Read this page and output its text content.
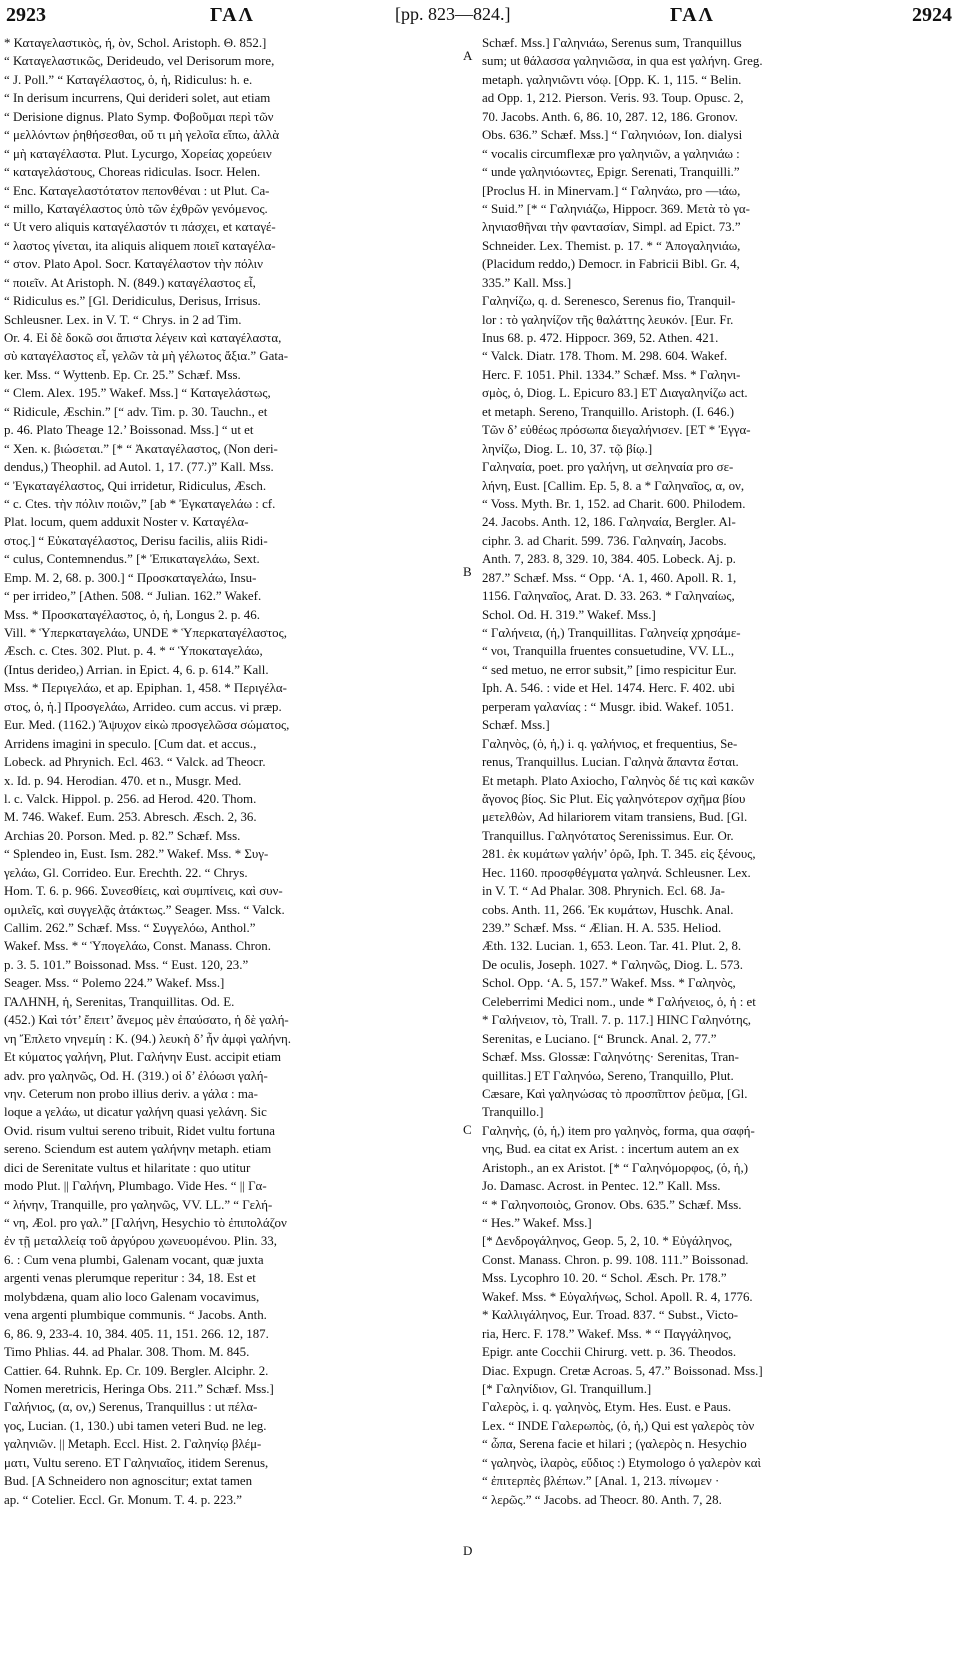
2923	ΓΑΛ	[pp. 823—824.]	ΓΑΛ	2924
* Καταγελαστικὸς, ή, ὸν, Schol. Aristoph. Θ. 852.]
“ Καταγελαστικῶς, Derideudo, vel Derisorum more,
“ J. Poll.” “ Καταγέλαστος, ὁ, ἡ, Ridiculus: h. e.
“ In derisum incurrens, Qui derideri solet, aut etiam
“ Derisione dignus. Plato Symp. Φοβοῦμαι περὶ τῶν
“ μελλόντων ῥηθήσεσθαι, οὔ τι μὴ γελοῖα εἴπω, ἀλλὰ
“ μὴ καταγέλαστα. Plut. Lycurgo, Χορείας χορεύειν
“ καταγελάστους, Choreas ridiculas. Isocr. Helen.
“ Enc. Καταγελαστότατον πεπονθέναι : ut Plut. Ca-
“ millo, Καταγέλαστος ὑπὸ τῶν ἐχθρῶν γενόμενος.
“ Ut vero aliquis καταγέλαστόν τι πάσχει, et καταγέ-
“ λαστος γίνεται, ita aliquis aliquem ποιεῖ καταγέλα-
“ στον. Plato Apol. Socr. Καταγέλαστον τὴν πόλιν
“ ποιεῖν. At Aristoph. N. (849.) καταγέλαστος εἶ,
“ Ridiculus es.” [Gl. Deridiculus, Derisus, Irrisus.
Schleusner. Lex. in V. T. “ Chrys. in 2 ad Tim.
Or. 4. Εἰ δὲ δοκῶ σοι ἄπιστα λέγειν καὶ καταγέλαστα,
σὺ καταγέλαστος εἶ, γελῶν τὰ μὴ γέλωτος ἄξια.” Gata-
ker. Mss. “ Wyttenb. Ep. Cr. 25.” Schæf. Mss.
“ Clem. Alex. 195.” Wakef. Mss.] “ Καταγελάστως,
“ Ridicule, Æschin.” [“ adv. Tim. p. 30. Tauchn., et
p. 46. Plato Theage 12.’ Boissonad. Mss.] “ ut et
“ Xen. κ. βιώσεται.” [* “ Ἀκαταγέλαστος, (Non deri-
dendus,) Theophil. ad Autol. 1, 17. (77.)” Kall. Mss.
“ Ἐγκαταγέλαστος, Qui irridetur, Ridiculus, Æsch.
“ c. Ctes. τὴν πόλιν ποιῶν,” [ab * Ἐγκαταγελάω : cf.
Plat. locum, quem adduxit Noster v. Καταγέλα-
στος.] “ Εὐκαταγέλαστος, Derisu facilis, aliis Ridi-
“ culus, Contemnendus.” [* Ἐπικαταγελάω, Sext.
Emp. M. 2, 68. p. 300.] “ Προσκαταγελάω, Insu-
“ per irrideo,” [Athen. 508. “ Julian. 162.” Wakef.
Mss. * Προσκαταγέλαστος, ὁ, ἡ, Longus 2. p. 46.
Vill. * Ὑπερκαταγελάω, UNDE * Ὑπερκαταγέλαστος,
Æsch. c. Ctes. 302. Plut. p. 4. * “ Ὑποκαταγελάω,
(Intus derideo,) Arrian. in Epict. 4, 6. p. 614.” Kall.
Mss. * Περιγελάω, et ap. Epiphan. 1, 458. * Περιγέλα-
στος, ὁ, ἡ.] Προσγελάω, Arrideo. cum accus. vi præp.
Eur. Med. (1162.) Ἄψυχον εἰκὼ προσγελῶσα σώματος,
Arridens imagini in speculo. [Cum dat. et accus.,
Lobeck. ad Phrynich. Ecl. 463. “ Valck. ad Theocr.
x. Id. p. 94. Herodian. 470. et n., Musgr. Med.
l. c. Valck. Hippol. p. 256. ad Herod. 420. Thom.
M. 746. Wakef. Eum. 253. Abresch. Æsch. 2, 36.
Archias 20. Porson. Med. p. 82.” Schæf. Mss.
“ Splendeo in, Eust. Ism. 282.” Wakef. Mss. * Συγ-
γελάω, Gl. Corrideo. Eur. Erechth. 22. “ Chrys.
Hom. T. 6. p. 966. Συνεσθίεις, καὶ συμπίνεις, καὶ συν-
ομιλεῖς, καὶ συγγελᾷς ἀτάκτως.” Seager. Mss. “ Valck.
Callim. 262.” Schæf. Mss. “ Συγγελόω, Anthol.”
Wakef. Mss. * “ Ὑπογελάω, Const. Manass. Chron.
p. 3. 5. 101.” Boissonad. Mss. “ Eust. 120, 23.”
Seager. Mss. “ Polemo 224.” Wakef. Mss.]
ΓΑΛΗΝΗ, ἡ, Serenitas, Tranquillitas. Od. E.
(452.) Καὶ τότ’ ἔπειτ’ ἄνεμος μὲν ἐπαύσατο, ἡ δὲ γαλή-
νη Ἔπλετο νηνεμίη : K. (94.) λευκὴ δ’ ἦν ἀμφὶ γαλήνη.
Et κύματος γαλήνη, Plut. Γαλήνην Eust. accipit etiam
adv. pro γαληνῶς, Od. H. (319.) οἱ δ’ ἐλόωσι γαλή-
νην. Ceterum non probo illius deriv. a γάλα : ma-
loque a γελάω, ut dicatur γαλήνη quasi γελάνη. Sic
Ovid. risum vultui sereno tribuit, Ridet vultu fortuna
sereno. Sciendum est autem γαλήνην metaph. etiam
dici de Serenitate vultus et hilaritate : quo utitur
modo Plut. || Γαλήνη, Plumbago. Vide Hes. “ || Γα-
“ λήνην, Tranquille, pro γαληνῶς, VV. LL.” “ Γελή-
“ νη, Æol. pro γαλ.” [Γαλήνη, Hesychio τὸ ἐπιπολάζον
ἐν τῇ μεταλλείᾳ τοῦ ἀργύρου χωνευομένου. Plin. 33,
6. : Cum vena plumbi, Galenam vocant, quæ juxta
argenti venas plerumque reperitur : 34, 18. Est et
molybdæna, quam alio loco Galenam vocavimus,
vena argenti plumbique communis. “ Jacobs. Anth.
6, 86. 9, 233-4. 10, 384. 405. 11, 151. 266. 12, 187.
Timo Phlias. 44. ad Phalar. 308. Thom. M. 845.
Cattier. 64. Ruhnk. Ep. Cr. 109. Bergler. Alciphr. 2.
Nomen meretricis, Heringa Obs. 211.” Schæf. Mss.]
Γαλήνιος, (α, ον,) Serenus, Tranquillus : ut πέλα-
γος, Lucian. (1, 130.) ubi tamen veteri Bud. ne leg.
γαληνιῶν. || Metaph. Eccl. Hist. 2. Γαληνίῳ βλέμ-
ματι, Vultu sereno. ET Γαληνιαῖος, itidem Serenus,
Bud. [A Schneidero non agnoscitur; extat tamen
ap. “ Cotelier. Eccl. Gr. Monum. T. 4. p. 223.”
Schæf. Mss.] Γαληνιάω, Serenus sum, Tranquillus
sum; ut θάλασσα γαληνιῶσα, in qua est γαλήνη. Greg.
metaph. γαληνιῶντι νόῳ. [Opp. K. 1, 115. “ Belin.
ad Opp. 1, 212. Pierson. Veris. 93. Toup. Opusc. 2,
70. Jacobs. Anth. 6, 86. 10, 287. 12, 186. Gronov.
Obs. 636.” Schæf. Mss.] “ Γαληνιόων, Ion. dialysi
“ vocalis circumflexæ pro γαληνιῶν, a γαληνιάω :
“ unde γαληνιόωντες, Epigr. Serenati, Tranquilli.”
[Proclus H. in Minervam.] “ Γαληνάω, pro —ιάω,
“ Suid.” [* “ Γαληνιάζω, Hippocr. 369. Μετὰ τὸ γα-
ληνιασθῆναι τὴν φαντασίαν, Simpl. ad Epict. 73.”
Schneider. Lex. Themist. p. 17. * “ Ἀπογαληνιάω,
(Placidum reddo,) Democr. in Fabricii Bibl. Gr. 4,
335.” Kall. Mss.]
Γαληνίζω, q. d. Serenesco, Serenus fio, Tranquil-
lor : τὸ γαληνίζον τῆς θαλάττης λευκόν. [Eur. Fr.
Inus 68. p. 472. Hippocr. 369, 52. Athen. 421.
“ Valck. Diatr. 178. Thom. M. 298. 604. Wakef.
Herc. F. 1051. Phil. 1334.” Schæf. Mss. * Γαληνι-
σμὸς, ὁ, Diog. L. Epicuro 83.] ET Διαγαληνίζω act.
et metaph. Sereno, Tranquillo. Aristoph. (I. 646.)
Τῶν δ’ εὐθέως πρόσωπα διεγαλήνισεν. [ET * Ἐγγα-
ληνίζω, Diog. L. 10, 37. τῷ βίῳ.]
Γαληναία, poet. pro γαλήνη, ut σεληναία pro σε-
λήνη, Eust. [Callim. Ep. 5, 8. a * Γαληναῖος, α, ον,
“ Voss. Myth. Br. 1, 152. ad Charit. 600. Philodem.
24. Jacobs. Anth. 12, 186. Γαληναία, Bergler. Al-
ciphr. 3. ad Charit. 599. 736. Γαληναίη, Jacobs.
Anth. 7, 283. 8, 329. 10, 384. 405. Lobeck. Aj. p.
287.” Schæf. Mss. “ Opp. ‘A. 1, 460. Apoll. R. 1,
1156. Γαληναῖος, Arat. D. 33. 263. * Γαληναίως,
Schol. Od. H. 319.” Wakef. Mss.]
“ Γαλήνεια, (ἡ,) Tranquillitas. Γαληνείᾳ χρησάμε-
“ νοι, Tranquilla fruentes consuetudine, VV. LL.,
“ sed metuo, ne error subsit,” [imo respicitur Eur.
Iph. A. 546. : vide et Hel. 1474. Herc. F. 402. ubi
perperam γαλανίας : “ Musgr. ibid. Wakef. 1051.
Schæf. Mss.]
Γαληνὸς, (ὁ, ἡ,) i. q. γαλήνιος, et frequentius, Se-
renus, Tranquillus. Lucian. Γαληνὰ ἅπαντα ἔσται.
Et metaph. Plato Axiocho, Γαληνὸς δέ τις καὶ κακῶν
ἄγονος βίος. Sic Plut. Εἰς γαληνότερον σχῆμα βίου
μετελθὼν, Ad hilariorem vitam transiens, Bud. [Gl.
Tranquillus. Γαληνότατος Serenissimus. Eur. Or.
281. ἐκ κυμάτων γαλήν’ ὁρῶ, Iph. T. 345. εἰς ξένους,
Hec. 1160. προσφθέγματα γαληνά. Schleusner. Lex.
in V. T. “ Ad Phalar. 308. Phrynich. Ecl. 68. Ja-
cobs. Anth. 11, 266. Ἐκ κυμάτων, Huschk. Anal.
239.” Schæf. Mss. “ Ælian. H. A. 535. Heliod.
Æth. 132. Lucian. 1, 653. Leon. Tar. 41. Plut. 2, 8.
De oculis, Joseph. 1027. * Γαληνῶς, Diog. L. 573.
Schol. Opp. ‘A. 5, 157.” Wakef. Mss. * Γαληνὸς,
Celeberrimi Medici nom., unde * Γαλήνειος, ὁ, ἡ : et
* Γαλήνειον, τὸ, Trall. 7. p. 117.] HINC Γαληνότης,
Serenitas, e Luciano. [“ Brunck. Anal. 2, 77.”
Schæf. Mss. Glossæ: Γαληνότης· Serenitas, Tran-
quillitas.] ET Γαληνόω, Sereno, Tranquillo, Plut.
Cæsare, Καὶ γαληνώσας τὸ προσπῖπτον ῥεῦμα, [Gl.
Tranquillo.]
Γαληνὴς, (ὁ, ἡ,) item pro γαληνὸς, forma, qua σαφή-
νης, Bud. ea citat ex Arist. : incertum autem an ex
Aristoph., an ex Aristot. [* “ Γαληνόμορφος, (ὁ, ἡ,)
Jo. Damasc. Acrost. in Pentec. 12.” Kall. Mss.
“ * Γαληνοποιὸς, Gronov. Obs. 635.” Schæf. Mss.
“ Hes.” Wakef. Mss.]
[* Δενδρογάληνος, Geop. 5, 2, 10. * Εὐγάληνος,
Const. Manass. Chron. p. 99. 108. 111.” Boissonad.
Mss. Lycophro 10. 20. “ Schol. Æsch. Pr. 178.”
Wakef. Mss. * Εὐγαλήνως, Schol. Apoll. R. 4, 1776.
* Καλλιγάληνος, Eur. Troad. 837. “ Subst., Victo-
ria, Herc. F. 178.” Wakef. Mss. * “ Παγγάληνος,
Epigr. ante Cocchii Chirurg. vett. p. 36. Theodos.
Diac. Expugn. Cretæ Acroas. 5, 47.” Boissonad. Mss.]
[* Γαληνίδιον, Gl. Tranquillum.]
Γαλερὸς, i. q. γαληνὸς, Etym. Hes. Eust. e Paus.
Lex. “ INDE Γαλερωπὸς, (ὁ, ἡ,) Qui est γαλερὸς τὸν
“ ὦπα, Serena facie et hilari ; (γαλερὸς n. Hesychio
“ γαληνὸς, ἱλαρὸς, εὔδιος :) Etymologo ὁ γαλερὸν καὶ
“ ἐπιτερπὲς βλέπων.” [Anal. 1, 213. πίνωμεν ·
“ λερῶς.” “ Jacobs. ad Theocr. 80. Anth. 7, 28.
A
B
C
D
